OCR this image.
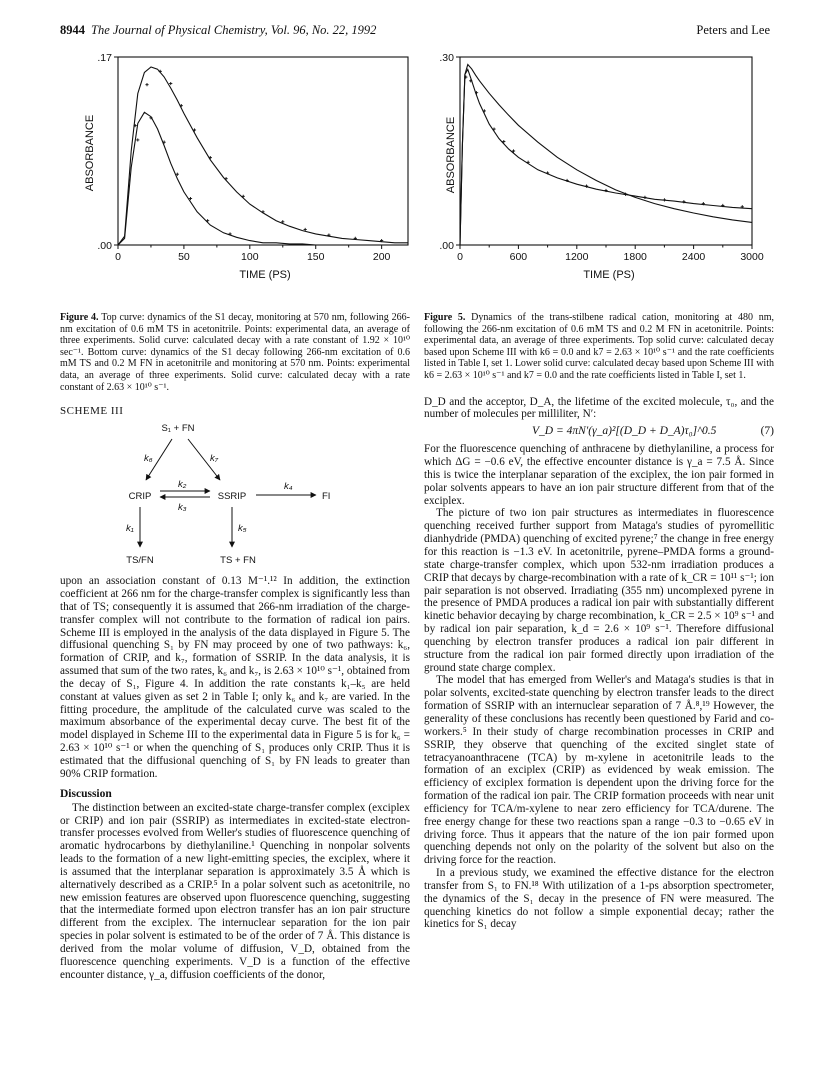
8944 The Journal of Physical Chemistry, Vol. 96, No. 22, 1992	Peters and Lee
0	50	100	150	200
.00
.17
ABSORBANCE
TIME (PS)
0	600	1200	1800	2400	3000
.00
.30
ABSORBANCE
TIME (PS)

Figure 4. Top curve: dynamics of the S1 decay, monitoring at 570 nm, following 266-nm excitation of 0.6 mM TS in acetonitrile. Points: experimental data, an average of three experiments. Solid curve: calculated decay with a rate constant of 1.92 × 10¹⁰ sec⁻¹. Bottom curve: dynamics of the S1 decay following 266-nm excitation of 0.6 mM TS and 0.2 M FN in acetonitrile and monitoring at 570 nm. Points: experimental data, an average of three experiments. Solid curve: calculated decay with a rate constant of 2.63 × 10¹⁰ s⁻¹.

SCHEME III

S₁ + FN
k₆	k₇
CRIP	SSRIP
k₂
k₃
k₄
FI
k₁	k₅
TS/FN	TS + FN

upon an association constant of 0.13 M⁻¹.¹² In addition, the extinction coefficient at 266 nm for the charge-transfer complex is significantly less than that of TS; consequently it is assumed that 266-nm irradiation of the charge-transfer complex will not contribute to the formation of radical ion pairs. Scheme III is employed in the analysis of the data displayed in Figure 5. The diffusional quenching S₁ by FN may proceed by one of two pathways: k₆, formation of CRIP, and k₇, formation of SSRIP. In the data analysis, it is assumed that sum of the two rates, k₆ and k₇, is 2.63 × 10¹⁰ s⁻¹, obtained from the decay of S₁, Figure 4. In addition the rate constants k₁–k₅ are held constant at values given as set 2 in Table I; only k₆ and k₇ are varied. In the fitting procedure, the amplitude of the calculated curve was scaled to the maximum absorbance of the experimental decay curve. The best fit of the model displayed in Scheme III to the experimental data in Figure 5 is for k₆ = 2.63 × 10¹⁰ s⁻¹ or when the quenching of S₁ produces only CRIP. Thus it is estimated that the diffusional quenching of S₁ by FN leads to greater than 90% CRIP formation.

Discussion

The distinction between an excited-state charge-transfer complex (exciplex or CRIP) and ion pair (SSRIP) as intermediates in excited-state electron-transfer processes evolved from Weller's studies of fluorescence quenching of aromatic hydrocarbons by diethylaniline.¹ Quenching in nonpolar solvents leads to the formation of a new light-emitting species, the exciplex, where it is assumed that the interplanar separation is approximately 3.5 Å which is alternatively described as a CRIP.⁵ In a polar solvent such as acetonitrile, no new emission features are observed upon fluorescence quenching, suggesting that the intermediate formed upon electron transfer has an ion pair structure different from the exciplex. The internuclear separation for the ion pair species in polar solvent is estimated to be of the order of 7 Å. This distance is derived from the molar volume of diffusion, V_D, obtained from the fluorescence quenching experiments. V_D is a function of the effective encounter distance, γ_a, diffusion coefficients of the donor,

Figure 5. Dynamics of the trans-stilbene radical cation, monitoring at 480 nm, following the 266-nm excitation of 0.6 mM TS and 0.2 M FN in acetonitrile. Points: experimental data, an average of three experiments. Top solid curve: calculated decay based upon Scheme III with k6 = 0.0 and k7 = 2.63 × 10¹⁰ s⁻¹ and the rate coefficients listed in Table I, set 1. Lower solid curve: calculated decay based upon Scheme III with k6 = 2.63 × 10¹⁰ s⁻¹ and k7 = 0.0 and the rate coefficients listed in Table I, set 1.

D_D and the acceptor, D_A, the lifetime of the excited molecule, τ₀, and the number of molecules per milliliter, N′:

V_D = 4πN′(γ_a)²[(D_D + D_A)τ₀]^0.5	(7)

For the fluorescence quenching of anthracene by diethylaniline, a process for which ΔG = −0.6 eV, the effective encounter distance is γ_a = 7.5 Å. Since this is twice the interplanar separation of the exciplex, the ion pair formed in polar solvents appears to have an ion pair structure different from that of the exciplex.

The picture of two ion pair structures as intermediates in fluorescence quenching received further support from Mataga's studies of pyromellitic dianhydride (PMDA) quenching of excited pyrene;⁷ the change in free energy for this reaction is −1.3 eV. In acetonitrile, pyrene–PMDA forms a ground-state charge-transfer complex, which upon 532-nm irradiation produces a CRIP that decays by charge-recombination with a rate of k_CR = 10¹¹ s⁻¹; ion pair separation is not observed. Irradiating (355 nm) uncomplexed pyrene in the presence of PMDA produces a radical ion pair with substantially different kinetic behavior decaying by charge recombination, k_CR = 2.5 × 10⁹ s⁻¹ and by radical ion pair separation, k_d = 2.6 × 10⁹ s⁻¹. Therefore diffusional quenching by electron transfer produces a radical ion pair different in structure from the radical ion pair formed directly upon irradiation of the ground state charge complex.

The model that has emerged from Weller's and Mataga's studies is that in polar solvents, excited-state quenching by electron transfer leads to the direct formation of SSRIP with an internuclear separation of 7 Å.⁸,¹⁹ However, the generality of these conclusions has recently been questioned by Farid and co-workers.⁵ In their study of charge recombination processes in CRIP and SSRIP, they observe that quenching of the excited singlet state of tetracyanoanthracene (TCA) by m-xylene in acetonitrile leads to the formation of an exciplex (CRIP) as evidenced by weak emission. The efficiency of exciplex formation is dependent upon the driving force for the formation of the radical ion pair. The CRIP formation proceeds with near unit efficiency for TCA/m-xylene to near zero efficiency for TCA/durene. The free energy change for these two reactions span a range −0.3 to −0.65 eV in driving force. Thus it appears that the nature of the ion pair formed upon quenching depends not only on the polarity of the solvent but also on the driving force for the reaction.

In a previous study, we examined the effective distance for the electron transfer from S₁ to FN.¹⁸ With utilization of a 1-ps absorption spectrometer, the dynamics of the S₁ decay in the presence of FN were measured. The quenching kinetics do not follow a simple exponential decay; rather the kinetics for S₁ decay
